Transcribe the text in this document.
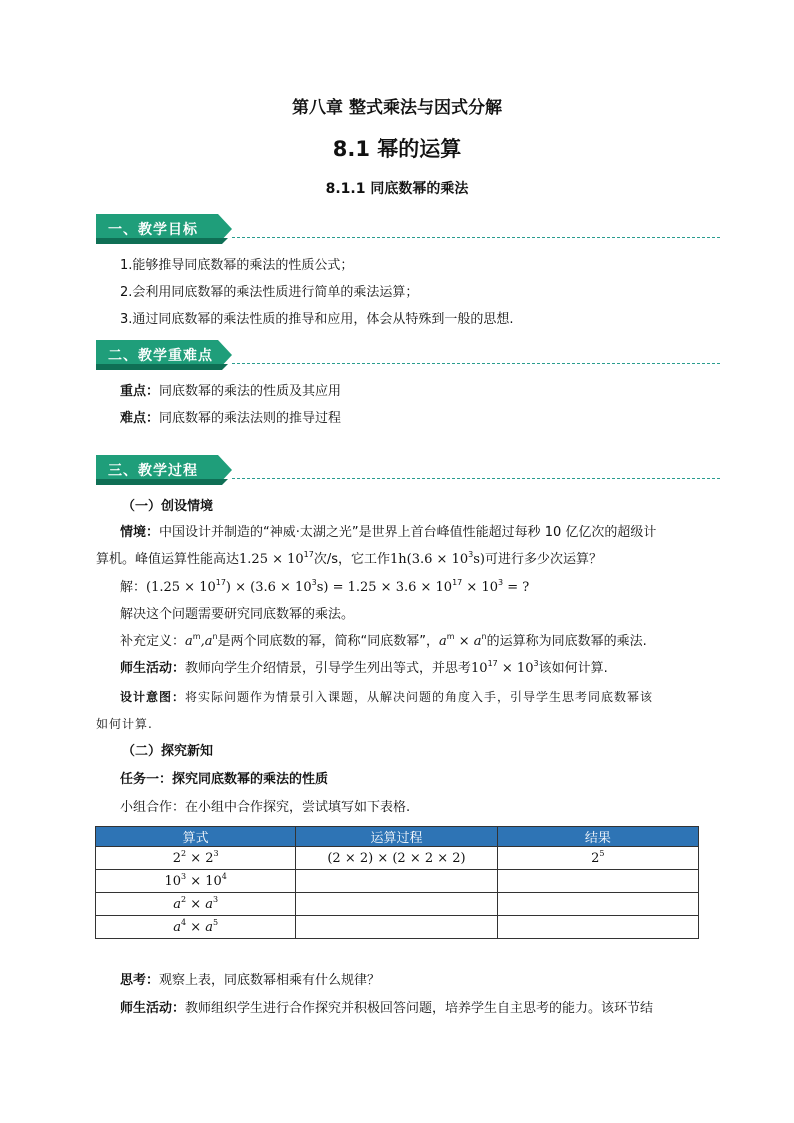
第八章 整式乘法与因式分解
8.1 幂的运算
8.1.1 同底数幂的乘法
一、教学目标
1.能够推导同底数幂的乘法的性质公式；
2.会利用同底数幂的乘法性质进行简单的乘法运算；
3.通过同底数幂的乘法性质的推导和应用，体会从特殊到一般的思想.
二、教学重难点
重点：同底数幂的乘法的性质及其应用
难点：同底数幂的乘法法则的推导过程
三、教学过程
（一）创设情境
情境：中国设计并制造的“神威·太湖之光”是世界上首台峰值性能超过每秒 10 亿亿次的超级计
算机。峰值运算性能高达$1.25 \times 10^{17}$次/s，它工作$1h(3.6 \times 10^3s)$可进行多少次运算？
解：$(1.25 \times 10^{17}) \times (3.6 \times 10^3s) = 1.25 \times 3.6 \times 10^{17} \times 10^3$ = ?
解决这个问题需要研究同底数幂的乘法。
补充定义：$a^m,a^n$是两个同底数的幂，简称“同底数幂”，$a^m \times a^n$的运算称为同底数幂的乘法.
师生活动：教师向学生介绍情景，引导学生列出等式，并思考$10^{17} \times 10^3$该如何计算.
设计意图：将实际问题作为情景引入课题，从解决问题的角度入手，引导学生思考同底数幂该
如何计算.
（二）探究新知
任务一：探究同底数幂的乘法的性质
小组合作：在小组中合作探究，尝试填写如下表格.
算式	运算过程	结果
$2^2 \times 2^3$	(2 × 2) × (2 × 2 × 2)	$2^5$
$10^3 \times 10^4$		
$a^2 \times a^3$		
$a^4 \times a^5$		
思考：观察上表，同底数幂相乘有什么规律？
师生活动：教师组织学生进行合作探究并积极回答问题，培养学生自主思考的能力。该环节结
